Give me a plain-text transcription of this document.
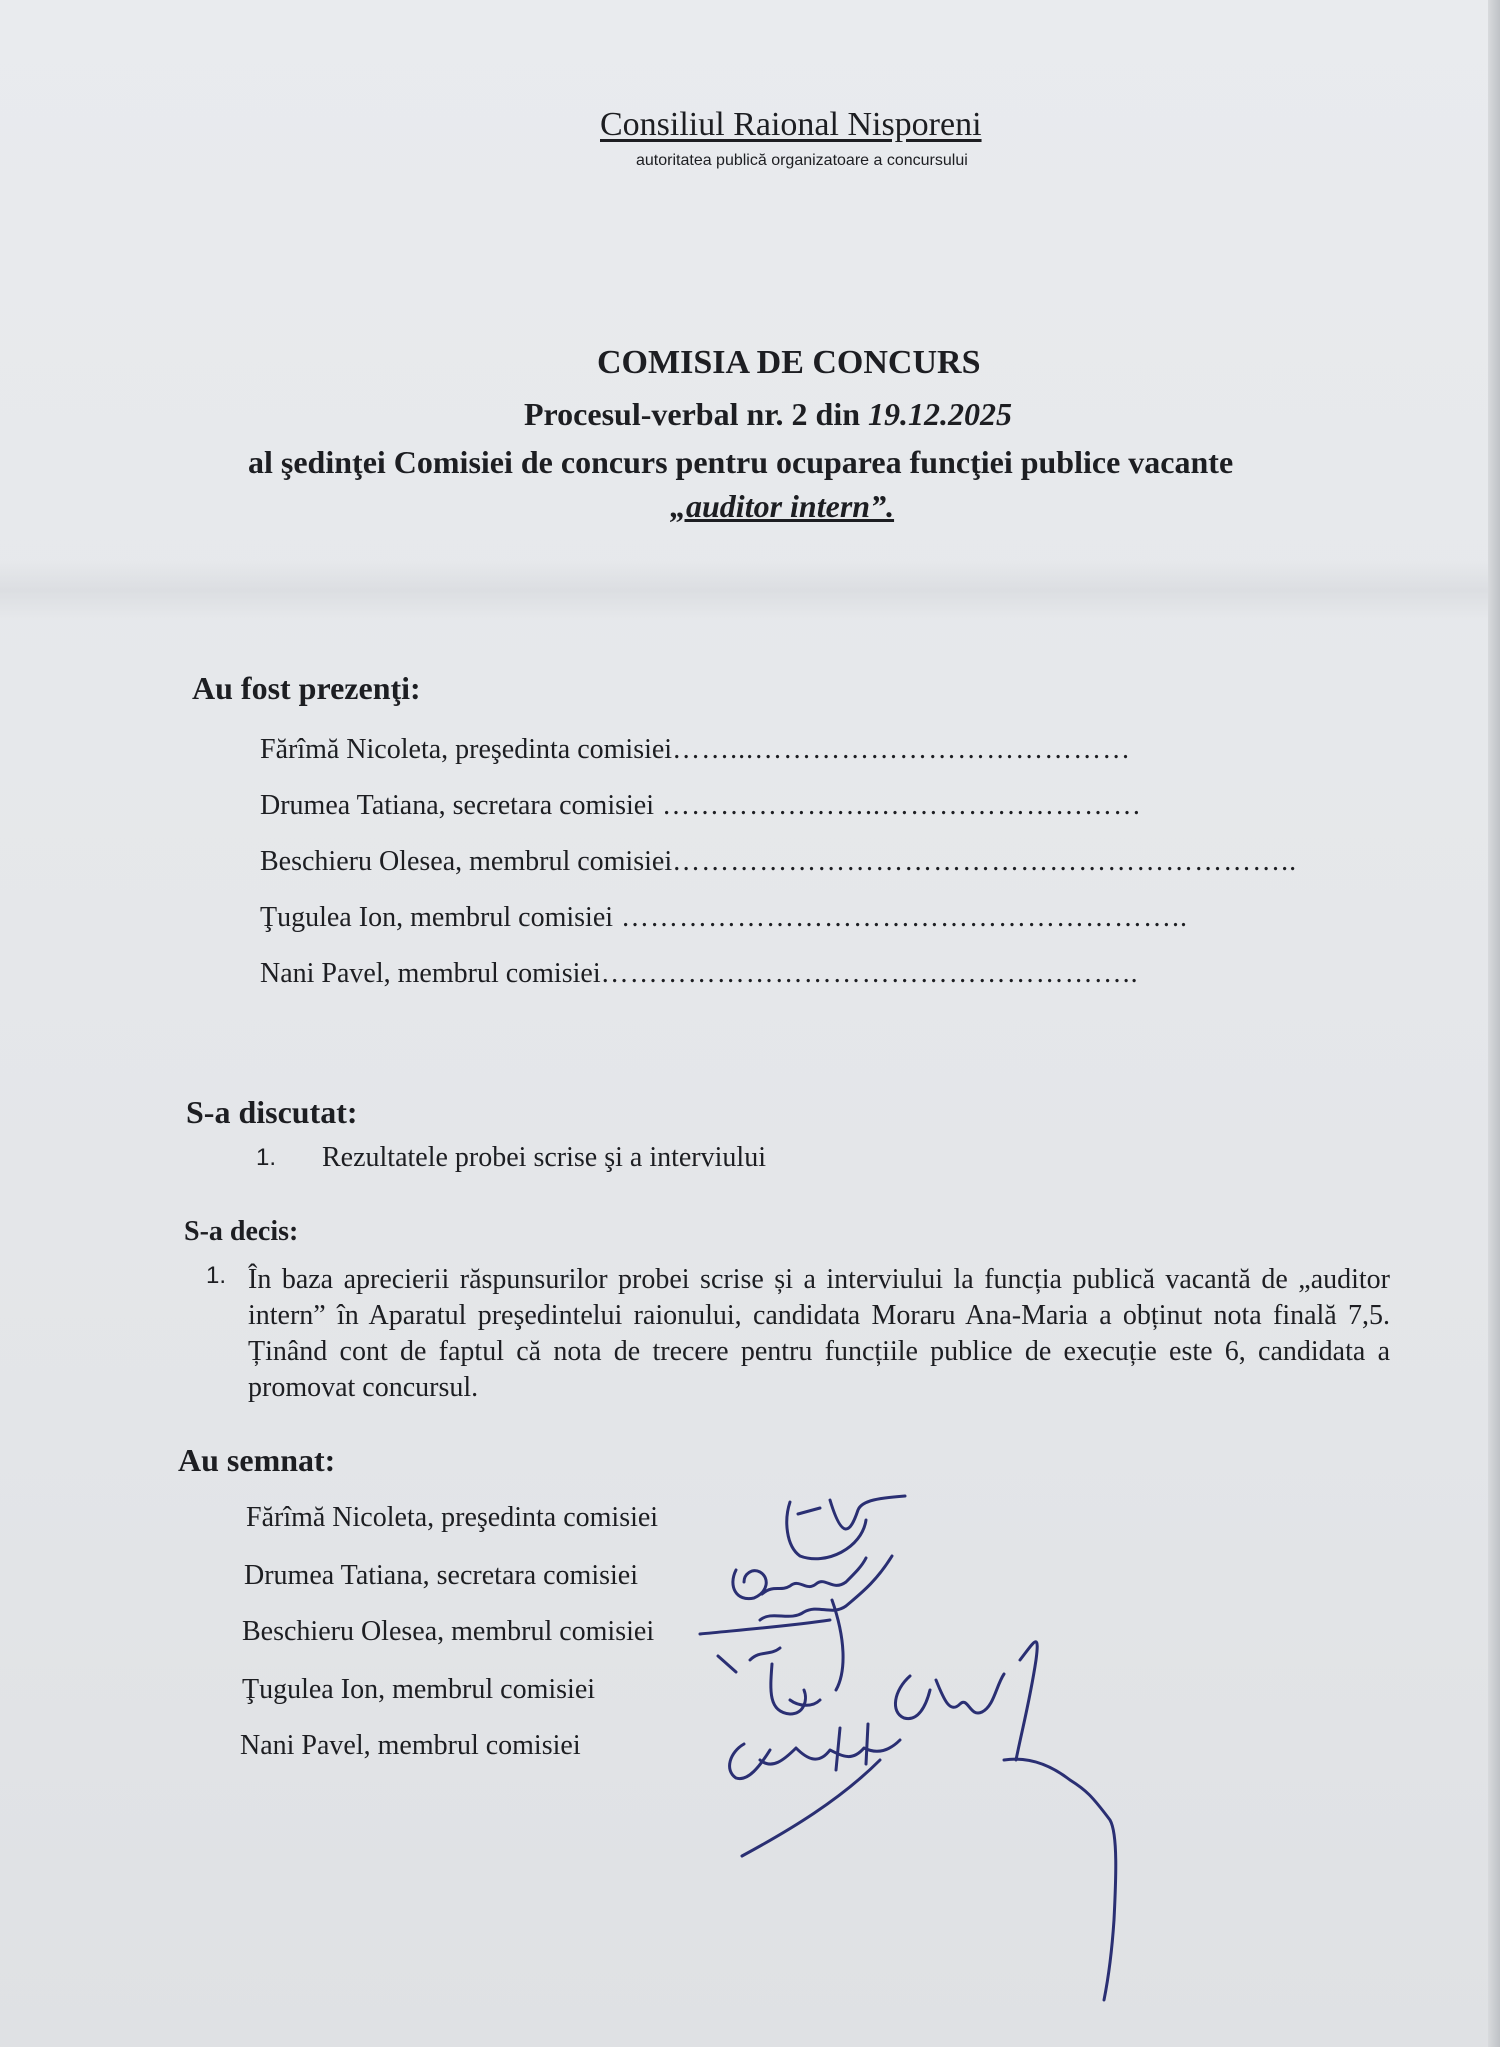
Consiliul Raional Nisporeni
autoritatea publică organizatoare a concursului
COMISIA DE CONCURS
Procesul-verbal nr. 2 din 19.12.2025
al şedinţei Comisiei de concurs pentru ocuparea funcţiei publice vacante
„auditor intern”.
Au fost prezenţi:
Fărîmă Nicoleta, preşedinta comisiei……...…………………………………
Drumea Tatiana, secretara comisiei …………………..………………………
Beschieru Olesea, membrul comisiei………………………………………………………..
Ţugulea Ion, membrul comisiei …………………………………………………..
Nani Pavel, membrul comisiei………………………………………………..
S-a discutat:
1. Rezultatele probei scrise şi a interviului
S-a decis:
1. În baza aprecierii răspunsurilor probei scrise și a interviului la funcția publică vacantă de „auditor intern” în Aparatul preşedintelui raionului, candidata Moraru Ana-Maria a obținut nota finală 7,5. Ținând cont de faptul că nota de trecere pentru funcțiile publice de execuție este 6, candidata a promovat concursul.
Au semnat:
Fărîmă Nicoleta, preşedinta comisiei
Drumea Tatiana, secretara comisiei
Beschieru Olesea, membrul comisiei
Ţugulea Ion, membrul comisiei
Nani Pavel, membrul comisiei
